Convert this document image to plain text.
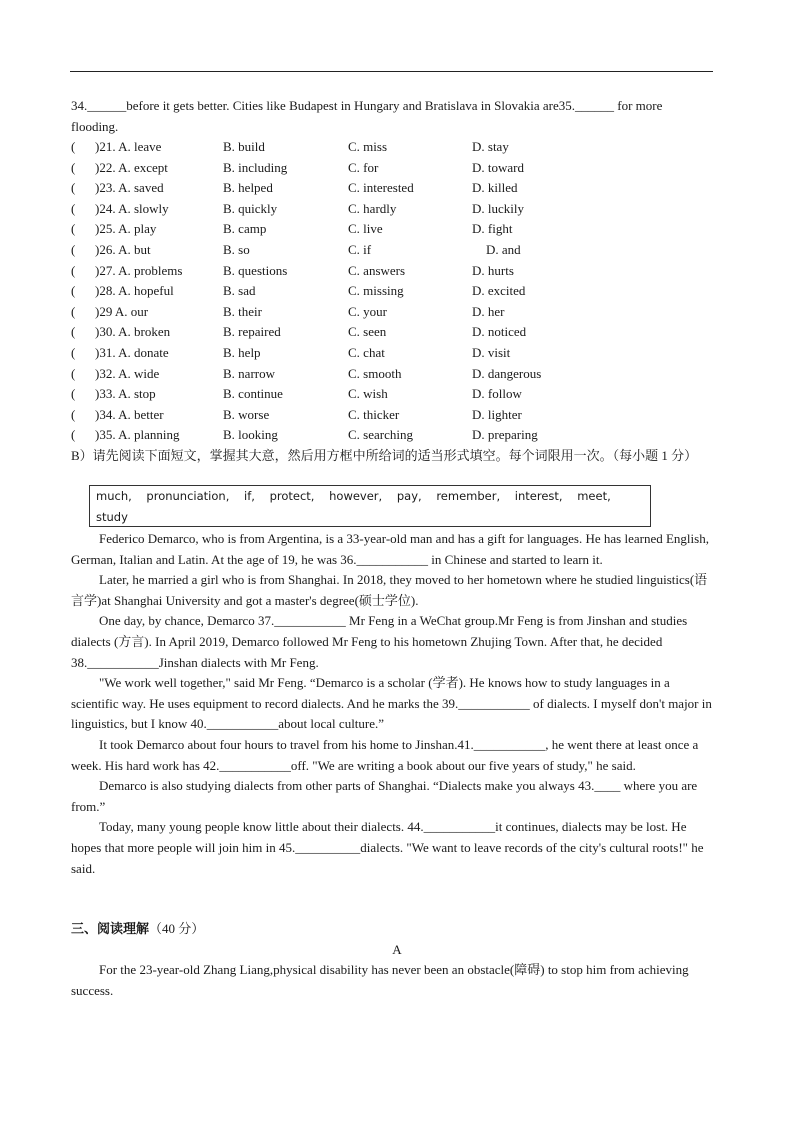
34.______before it gets better. Cities like Budapest in Hungary and Bratislava in Slovakia are35.______ for more flooding.

( )21. A. leave	B. build	C. miss	D. stay
( )22. A. except	B. including	C. for	D. toward
( )23. A. saved	B. helped	C. interested	D. killed
( )24. A. slowly	B. quickly	C. hardly	D. luckily
( )25. A. play	B. camp	C. live	D. fight
( )26. A. but	B. so	C. if	D. and
( )27. A. problems	B. questions	C. answers	D. hurts
( )28. A. hopeful	B. sad	C. missing	D. excited
( )29 A. our	B. their	C. your	D. her
( )30. A. broken	B. repaired	C. seen	D. noticed
( )31. A. donate	B. help	C. chat	D. visit
( )32. A. wide	B. narrow	C. smooth	D. dangerous
( )33. A. stop	B. continue	C. wish	D. follow
( )34. A. better	B. worse	C. thicker	D. lighter
( )35. A. planning	B. looking	C. searching	D. preparing

B）请先阅读下面短文，掌握其大意，然后用方框中所给词的适当形式填空。每个词限用一次。（每小题 1 分）

much, pronunciation, if, protect, however, pay, remember, interest, meet,
study

Federico Demarco, who is from Argentina, is a 33-year-old man and has a gift for languages. He has learned English, German, Italian and Latin. At the age of 19, he was 36.___________ in Chinese and started to learn it.

Later, he married a girl who is from Shanghai. In 2018, they moved to her hometown where he studied linguistics(语言学)at Shanghai University and got a master's degree(硕士学位).

One day, by chance, Demarco 37.___________ Mr Feng in a WeChat group.Mr Feng is from Jinshan and studies dialects (方言). In April 2019, Demarco followed Mr Feng to his hometown Zhujing Town. After that, he decided 38.___________Jinshan dialects with Mr Feng.

"We work well together," said Mr Feng. “Demarco is a scholar (学者). He knows how to study languages in a scientific way. He uses equipment to record dialects. And he marks the 39.___________ of dialects. I myself don't major in linguistics, but I know 40.___________about local culture.”

It took Demarco about four hours to travel from his home to Jinshan.41.___________, he went there at least once a week. His hard work has 42.___________off. "We are writing a book about our five years of study," he said.

Demarco is also studying dialects from other parts of Shanghai. “Dialects make you always 43.____ where you are from.”

Today, many young people know little about their dialects. 44.___________it continues, dialects may be lost. He hopes that more people will join him in 45.__________dialects. "We want to leave records of the city's cultural roots!" he said.

三、阅读理解（40 分）

A

For the 23-year-old Zhang Liang,physical disability has never been an obstacle(障碍) to stop him from achieving success.
